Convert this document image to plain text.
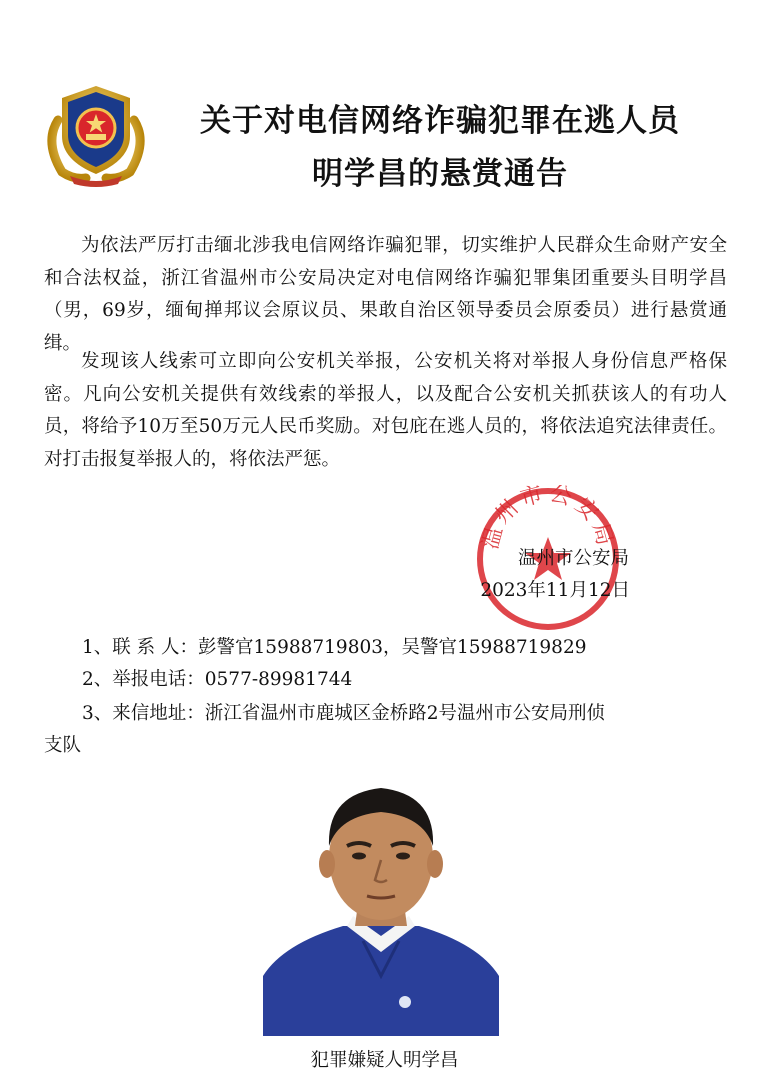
关于对电信网络诈骗犯罪在逃人员
明学昌的悬赏通告

为依法严厉打击缅北涉我电信网络诈骗犯罪，切实维护人民群众生命财产安全和合法权益，浙江省温州市公安局决定对电信网络诈骗犯罪集团重要头目明学昌（男，69岁，缅甸掸邦议会原议员、果敢自治区领导委员会原委员）进行悬赏通缉。

发现该人线索可立即向公安机关举报，公安机关将对举报人身份信息严格保密。凡向公安机关提供有效线索的举报人，以及配合公安机关抓获该人的有功人员，将给予10万至50万元人民币奖励。对包庇在逃人员的，将依法追究法律责任。对打击报复举报人的，将依法严惩。

温州市公安局
温州市公安局
2023年11月12日

1、联 系 人：彭警官15988719803，吴警官15988719829

2、举报电话：0577-89981744

3、来信地址：浙江省温州市鹿城区金桥路2号温州市公安局刑侦
支队

犯罪嫌疑人明学昌
